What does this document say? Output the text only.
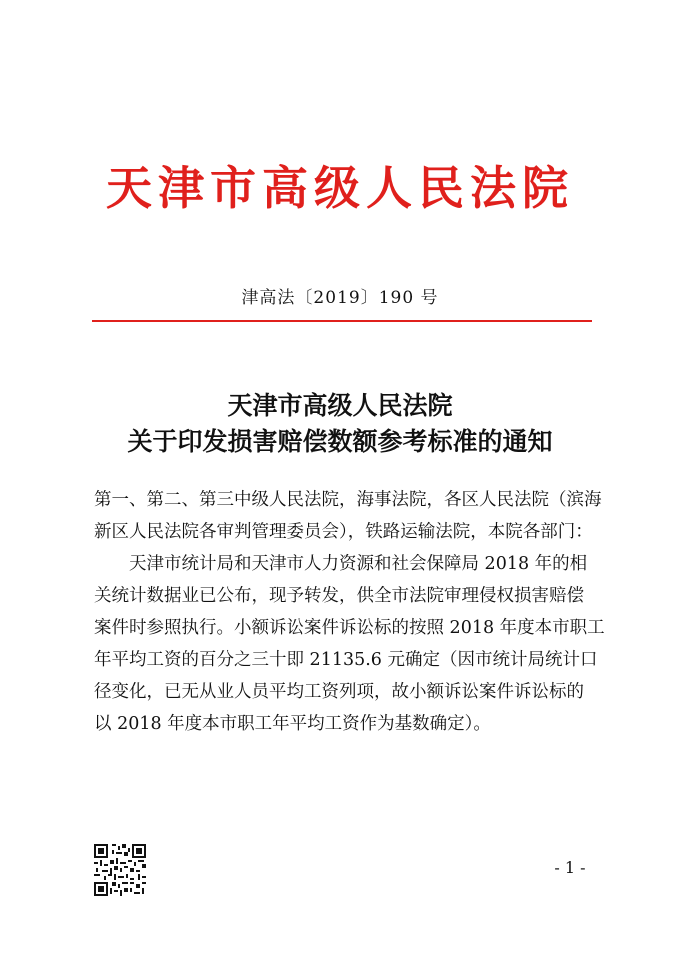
天津市高级人民法院
津高法〔2019〕190 号
天津市高级人民法院
关于印发损害赔偿数额参考标准的通知
第一、第二、第三中级人民法院，海事法院，各区人民法院（滨海
新区人民法院各审判管理委员会），铁路运输法院，本院各部门：
　　天津市统计局和天津市人力资源和社会保障局 2018 年的相
关统计数据业已公布，现予转发，供全市法院审理侵权损害赔偿
案件时参照执行。小额诉讼案件诉讼标的按照 2018 年度本市职工
年平均工资的百分之三十即 21135.6 元确定（因市统计局统计口
径变化，已无从业人员平均工资列项，故小额诉讼案件诉讼标的
以 2018 年度本市职工年平均工资作为基数确定）。
- 1 -
